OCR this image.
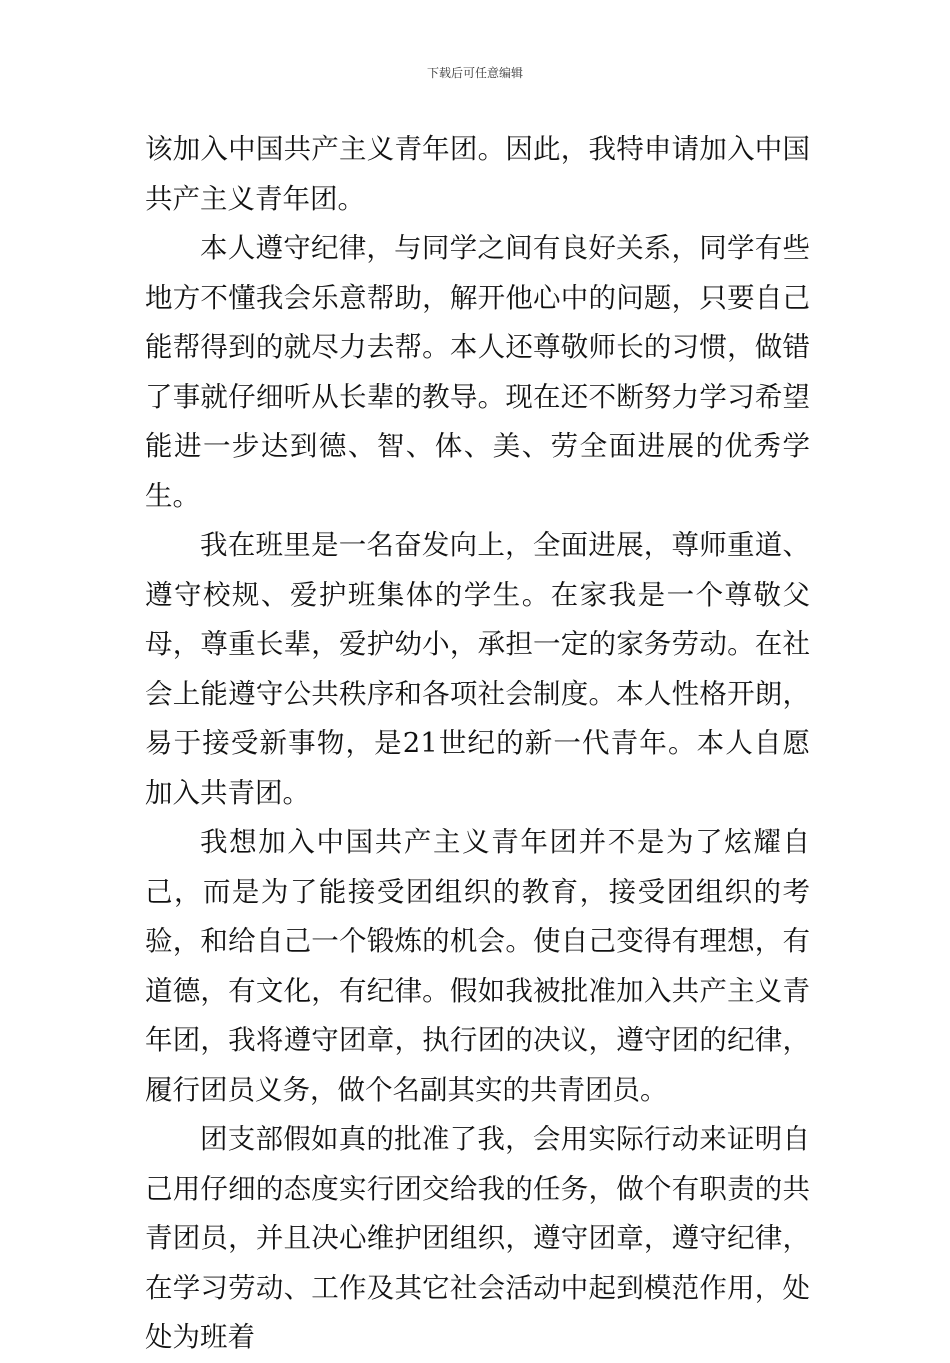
下载后可任意编辑

该加入中国共产主义青年团。因此，我特申请加入中国共产主义青年团。

本人遵守纪律，与同学之间有良好关系，同学有些地方不懂我会乐意帮助，解开他心中的问题，只要自己能帮得到的就尽力去帮。本人还尊敬师长的习惯，做错了事就仔细听从长辈的教导。现在还不断努力学习希望能进一步达到德、智、体、美、劳全面进展的优秀学生。

我在班里是一名奋发向上，全面进展，尊师重道、遵守校规、爱护班集体的学生。在家我是一个尊敬父母，尊重长辈，爱护幼小，承担一定的家务劳动。在社会上能遵守公共秩序和各项社会制度。本人性格开朗，易于接受新事物，是21世纪的新一代青年。本人自愿加入共青团。

我想加入中国共产主义青年团并不是为了炫耀自己，而是为了能接受团组织的教育，接受团组织的考验，和给自己一个锻炼的机会。使自己变得有理想，有道德，有文化，有纪律。假如我被批准加入共产主义青年团，我将遵守团章，执行团的决议，遵守团的纪律，履行团员义务，做个名副其实的共青团员。

团支部假如真的批准了我，会用实际行动来证明自己用仔细的态度实行团交给我的任务，做个有职责的共青团员，并且决心维护团组织，遵守团章，遵守纪律，在学习劳动、工作及其它社会活动中起到模范作用，处处为班着
